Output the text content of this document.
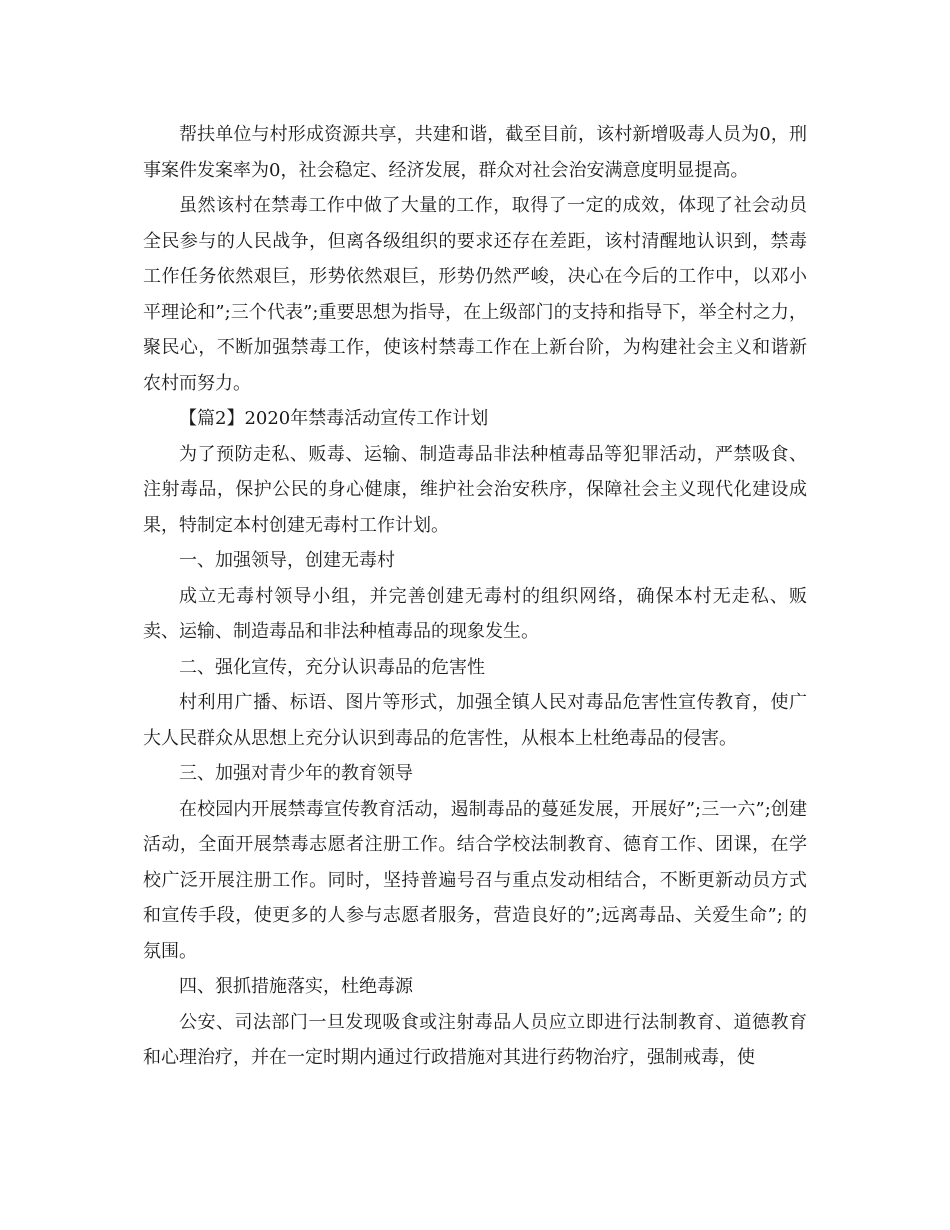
帮扶单位与村形成资源共享，共建和谐，截至目前，该村新增吸毒人员为0，刑事案件发案率为0，社会稳定、经济发展，群众对社会治安满意度明显提高。

虽然该村在禁毒工作中做了大量的工作，取得了一定的成效，体现了社会动员全民参与的人民战争，但离各级组织的要求还存在差距，该村清醒地认识到，禁毒工作任务依然艰巨，形势依然艰巨，形势仍然严峻，决心在今后的工作中，以邓小平理论和”;三个代表”;重要思想为指导，在上级部门的支持和指导下，举全村之力，聚民心，不断加强禁毒工作，使该村禁毒工作在上新台阶，为构建社会主义和谐新农村而努力。

【篇2】2020年禁毒活动宣传工作计划

为了预防走私、贩毒、运输、制造毒品非法种植毒品等犯罪活动，严禁吸食、注射毒品，保护公民的身心健康，维护社会治安秩序，保障社会主义现代化建设成果，特制定本村创建无毒村工作计划。

一、加强领导，创建无毒村

成立无毒村领导小组，并完善创建无毒村的组织网络，确保本村无走私、贩卖、运输、制造毒品和非法种植毒品的现象发生。

二、强化宣传，充分认识毒品的危害性

村利用广播、标语、图片等形式，加强全镇人民对毒品危害性宣传教育，使广大人民群众从思想上充分认识到毒品的危害性，从根本上杜绝毒品的侵害。

三、加强对青少年的教育领导

在校园内开展禁毒宣传教育活动，遏制毒品的蔓延发展，开展好”;三一六”;创建活动，全面开展禁毒志愿者注册工作。结合学校法制教育、德育工作、团课，在学校广泛开展注册工作。同时，坚持普遍号召与重点发动相结合，不断更新动员方式和宣传手段，使更多的人参与志愿者服务，营造良好的”;远离毒品、关爱生命”; 的氛围。

四、狠抓措施落实，杜绝毒源

公安、司法部门一旦发现吸食或注射毒品人员应立即进行法制教育、道德教育和心理治疗，并在一定时期内通过行政措施对其进行药物治疗，强制戒毒，使
